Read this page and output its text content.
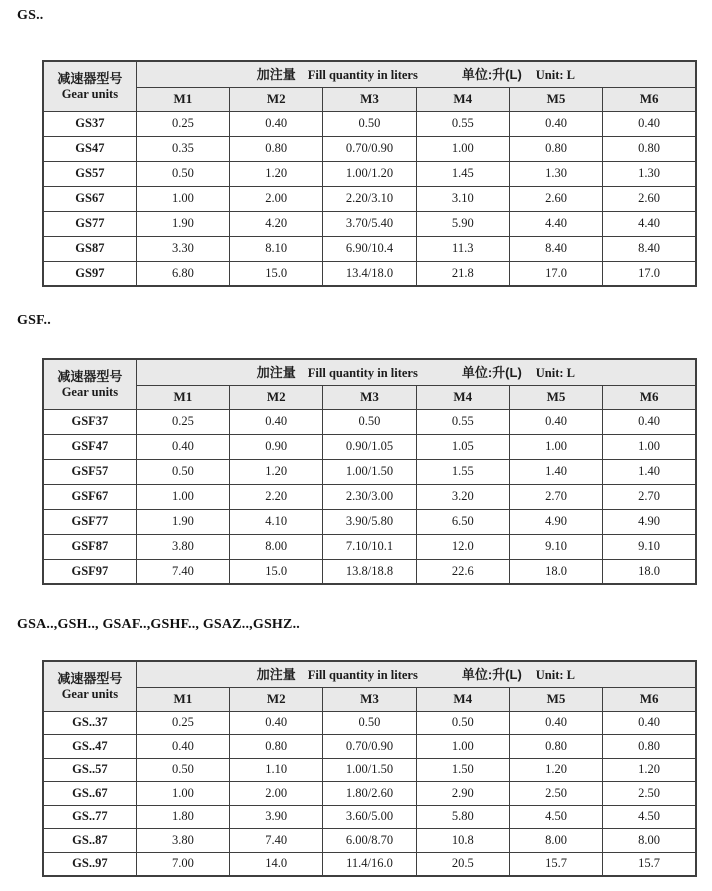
GS..
减速器型号
Gear units	加注量 Fill quantity in liters 单位:升(L) Unit: L					
	M1	M2	M3	M4	M5	M6
GS37	0.25	0.40	0.50	0.55	0.40	0.40
GS47	0.35	0.80	0.70/0.90	1.00	0.80	0.80
GS57	0.50	1.20	1.00/1.20	1.45	1.30	1.30
GS67	1.00	2.00	2.20/3.10	3.10	2.60	2.60
GS77	1.90	4.20	3.70/5.40	5.90	4.40	4.40
GS87	3.30	8.10	6.90/10.4	11.3	8.40	8.40
GS97	6.80	15.0	13.4/18.0	21.8	17.0	17.0
GSF..
减速器型号
Gear units	加注量 Fill quantity in liters 单位:升(L) Unit: L					
	M1	M2	M3	M4	M5	M6
GSF37	0.25	0.40	0.50	0.55	0.40	0.40
GSF47	0.40	0.90	0.90/1.05	1.05	1.00	1.00
GSF57	0.50	1.20	1.00/1.50	1.55	1.40	1.40
GSF67	1.00	2.20	2.30/3.00	3.20	2.70	2.70
GSF77	1.90	4.10	3.90/5.80	6.50	4.90	4.90
GSF87	3.80	8.00	7.10/10.1	12.0	9.10	9.10
GSF97	7.40	15.0	13.8/18.8	22.6	18.0	18.0
GSA..,GSH.., GSAF..,GSHF.., GSAZ..,GSHZ..
减速器型号
Gear units	加注量 Fill quantity in liters 单位:升(L) Unit: L					
	M1	M2	M3	M4	M5	M6
GS..37	0.25	0.40	0.50	0.50	0.40	0.40
GS..47	0.40	0.80	0.70/0.90	1.00	0.80	0.80
GS..57	0.50	1.10	1.00/1.50	1.50	1.20	1.20
GS..67	1.00	2.00	1.80/2.60	2.90	2.50	2.50
GS..77	1.80	3.90	3.60/5.00	5.80	4.50	4.50
GS..87	3.80	7.40	6.00/8.70	10.8	8.00	8.00
GS..97	7.00	14.0	11.4/16.0	20.5	15.7	15.7
